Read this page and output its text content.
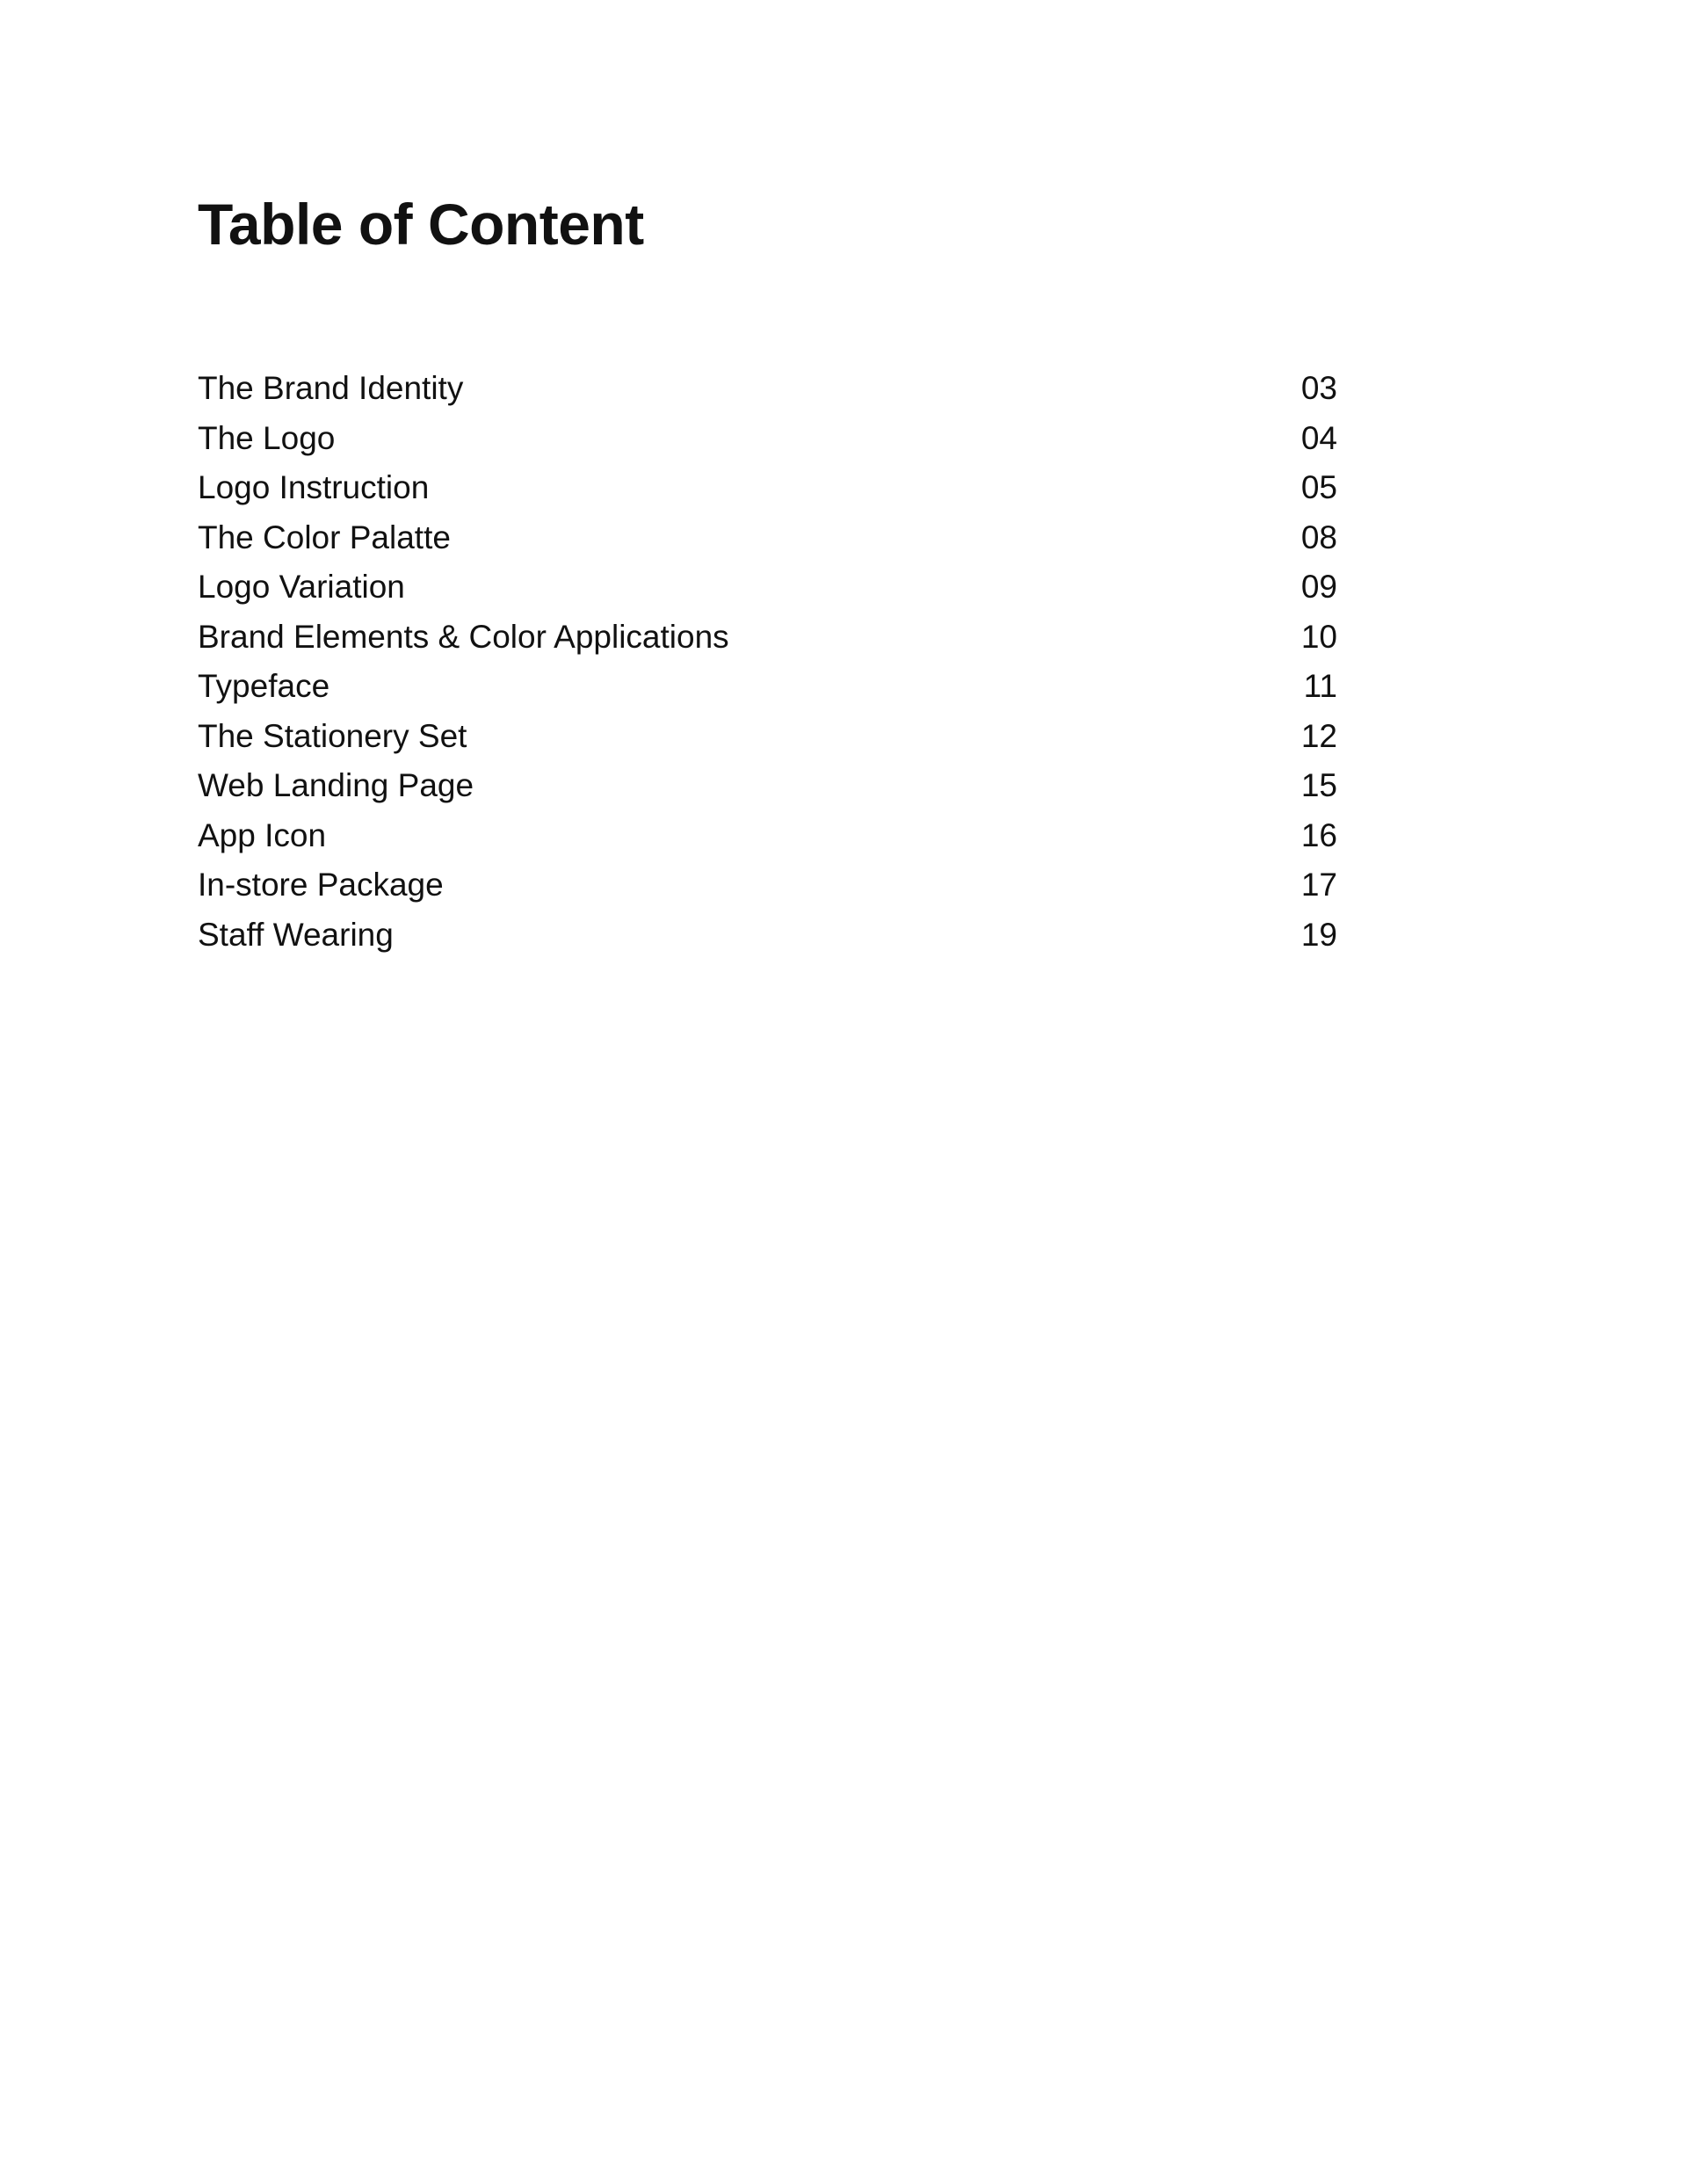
Table of Content
The Brand Identity	03
The Logo	04
Logo Instruction	05
The Color Palatte	08
Logo Variation	09
Brand Elements & Color Applications	10
Typeface	11
The Stationery Set	12
Web Landing Page	15
App Icon	16
In-store Package	17
Staff Wearing	19
